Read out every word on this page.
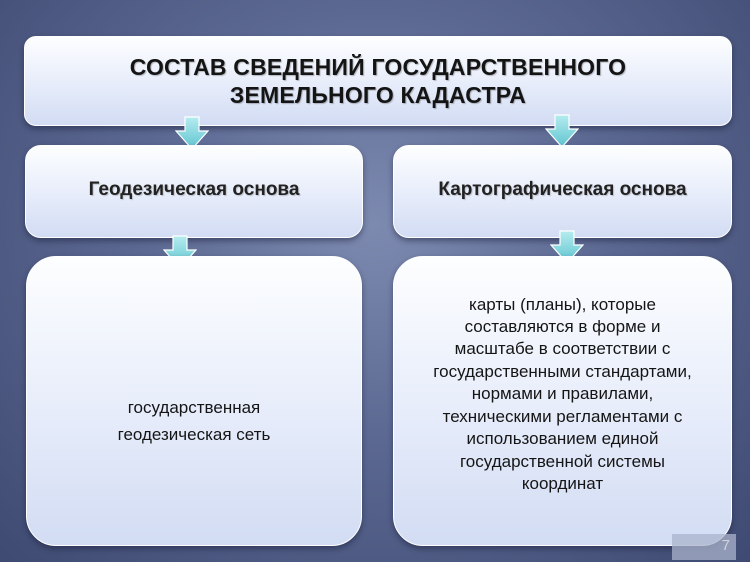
СОСТАВ СВЕДЕНИЙ ГОСУДАРСТВЕННОГО ЗЕМЕЛЬНОГО КАДАСТРА
Геодезическая основа	Картографическая основа
государственная геодезическая сеть
карты (планы), которые составляются в форме и масштабе в соответствии с государственными стандартами, нормами и правилами, техническими регламентами с использованием единой государственной системы координат
7
